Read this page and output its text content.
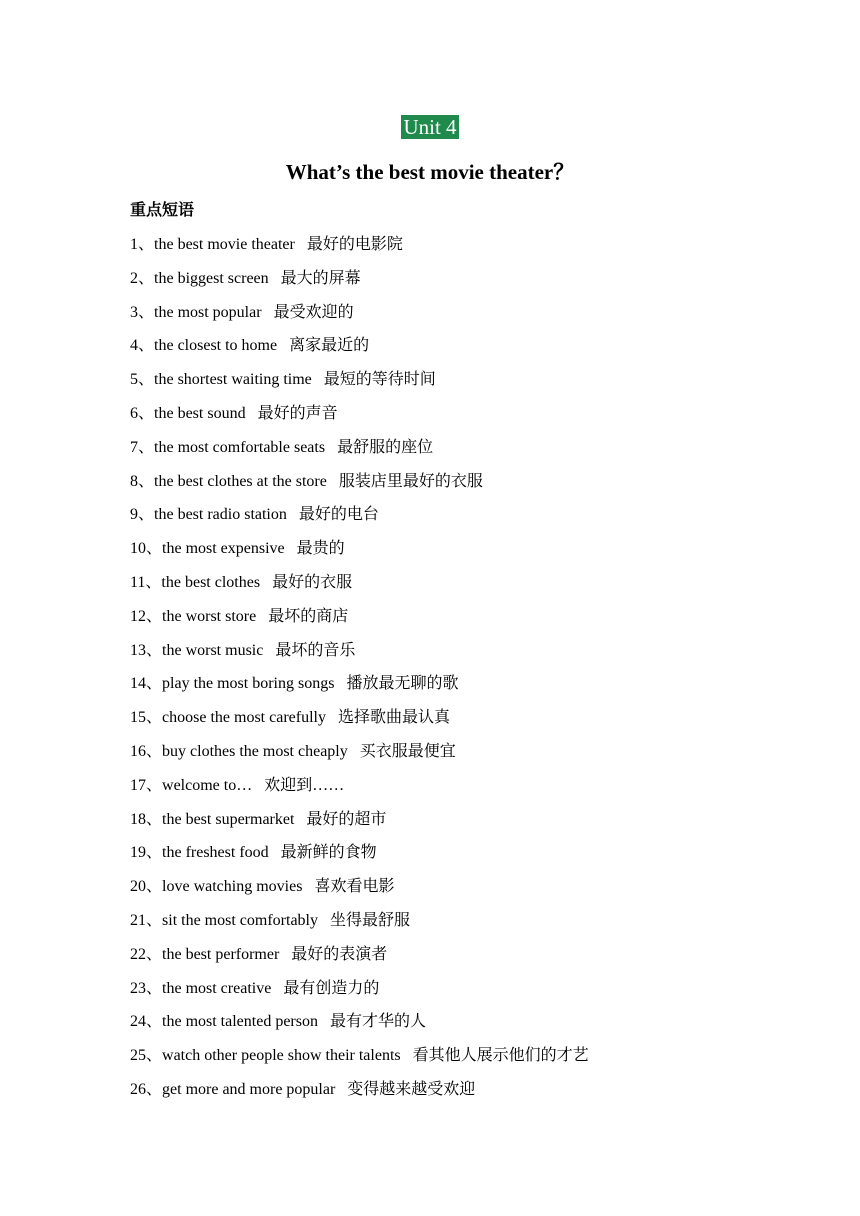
Unit 4
What’s the best movie theater？
重点短语
1、the best movie theater 最好的电影院
2、the biggest screen 最大的屏幕
3、the most popular 最受欢迎的
4、the closest to home 离家最近的
5、the shortest waiting time 最短的等待时间
6、the best sound 最好的声音
7、the most comfortable seats 最舒服的座位
8、the best clothes at the store 服装店里最好的衣服
9、the best radio station 最好的电台
10、the most expensive 最贵的
11、the best clothes 最好的衣服
12、the worst store 最坏的商店
13、the worst music 最坏的音乐
14、play the most boring songs 播放最无聊的歌
15、choose the most carefully 选择歌曲最认真
16、buy clothes the most cheaply 买衣服最便宜
17、welcome to… 欢迎到……
18、the best supermarket 最好的超市
19、the freshest food 最新鲜的食物
20、love watching movies 喜欢看电影
21、sit the most comfortably 坐得最舒服
22、the best performer 最好的表演者
23、the most creative 最有创造力的
24、the most talented person 最有才华的人
25、watch other people show their talents 看其他人展示他们的才艺
26、get more and more popular 变得越来越受欢迎
